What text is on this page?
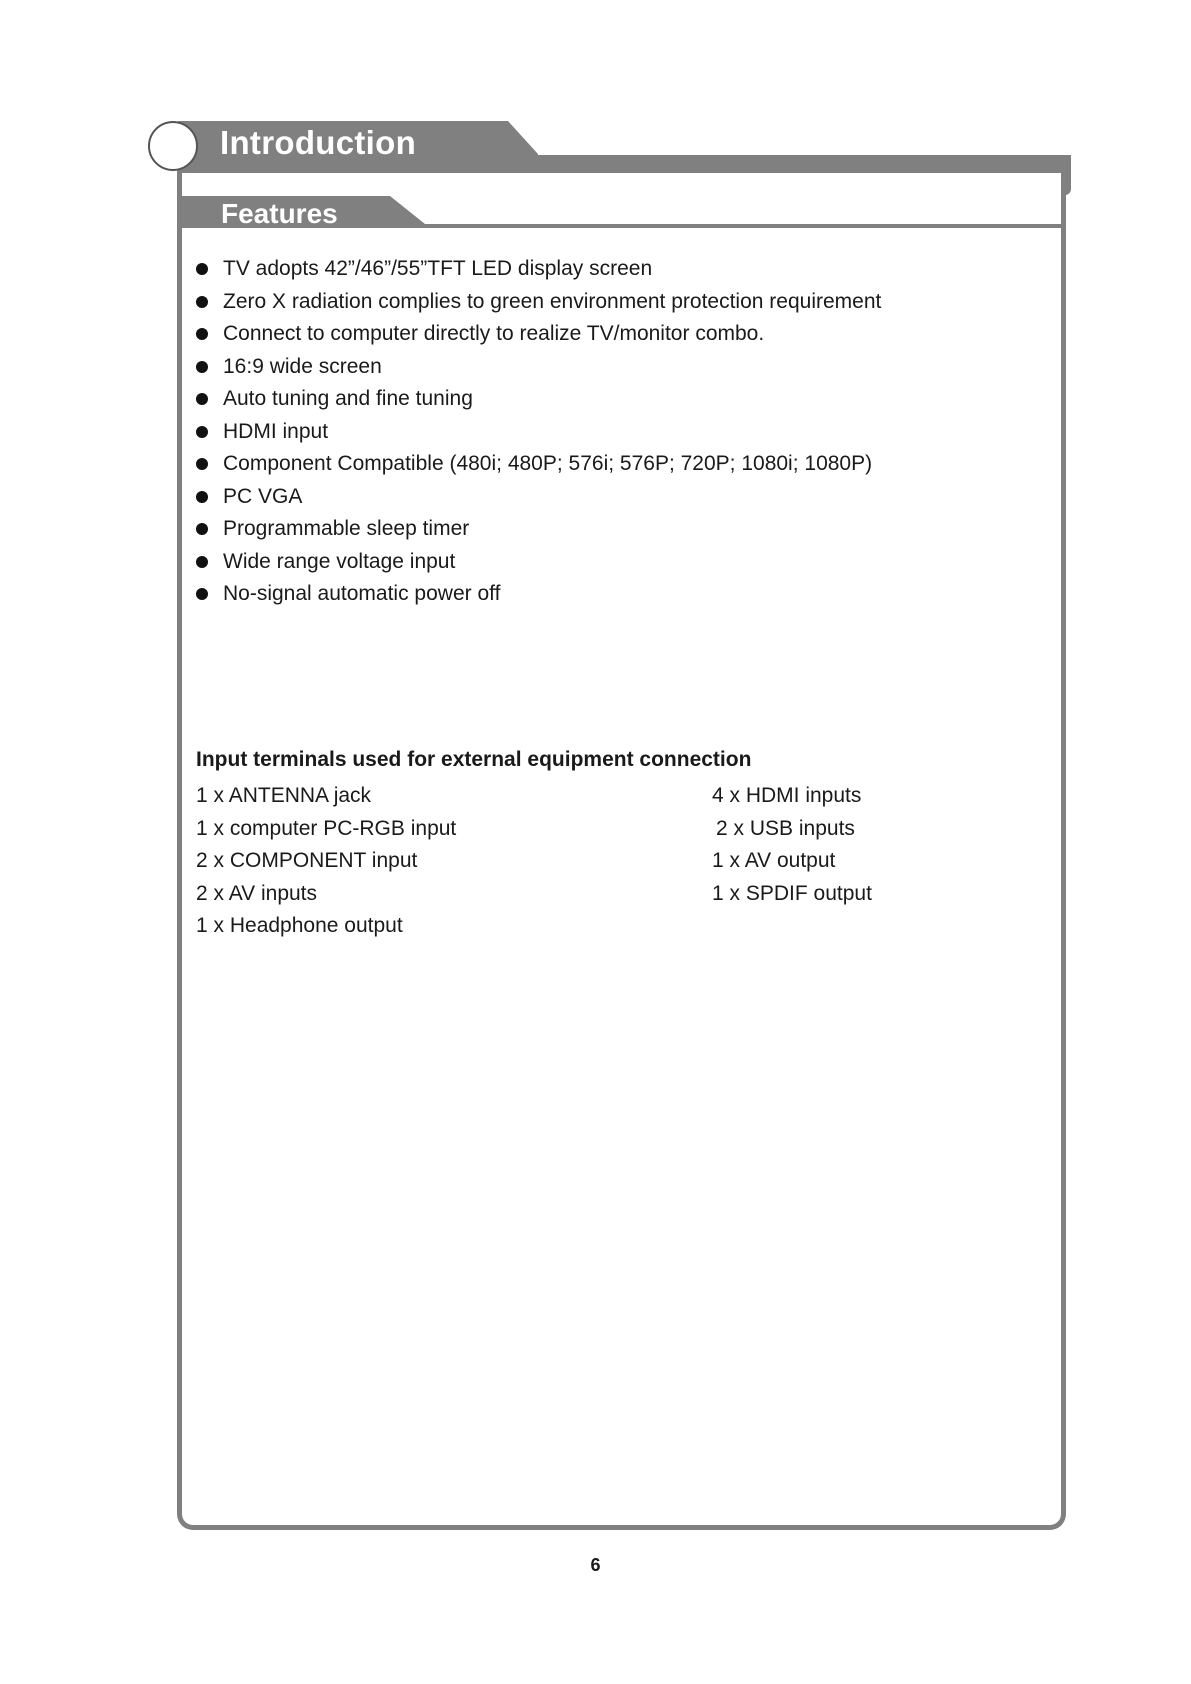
Introduction
Features
TV adopts 42”/46”/55”TFT LED display screen
Zero X radiation complies to green environment protection requirement
Connect to computer directly to realize TV/monitor combo.
16:9 wide screen
Auto tuning and fine tuning
HDMI input
Component Compatible (480i; 480P; 576i; 576P; 720P; 1080i; 1080P)
PC VGA
Programmable sleep timer
Wide range voltage input
No-signal automatic power off
Input terminals used for external equipment connection
1 x ANTENNA jack
1 x computer PC-RGB input
2 x COMPONENT input
2 x AV inputs
1 x Headphone output
4 x HDMI inputs
2 x USB inputs
1 x AV output
1 x SPDIF output
6
